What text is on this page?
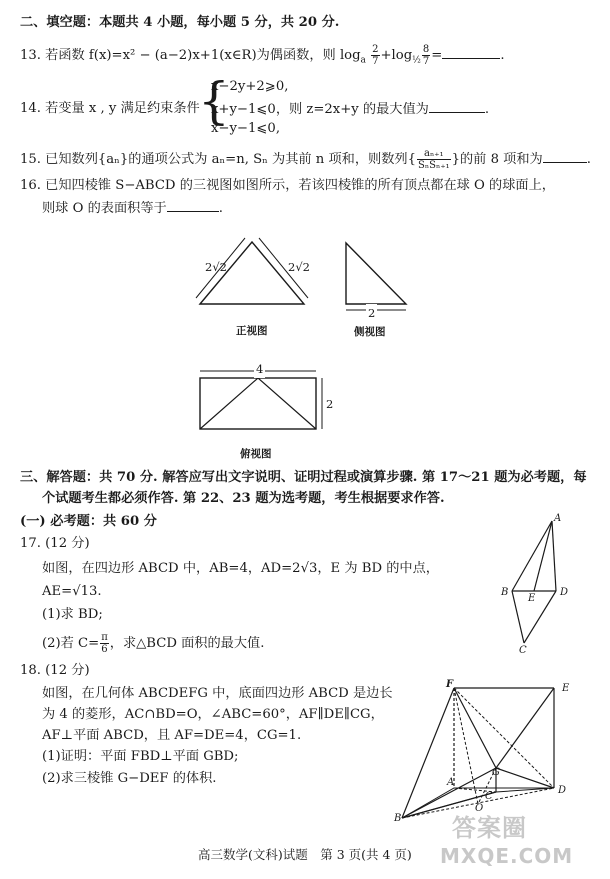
二、填空题：本题共 4 小题，每小题 5 分，共 20 分.
13. 若函数 f(x)=x² − (a−2)x+1(x∈R)为偶函数，则 $\log_a \frac{2}{7} +\log_{\frac{1}{2}} \frac{8}{7}$ =	.
14. 若变量 x , y 满足约束条件
{
x−2y+2⩾0,
x+y−1⩽0，则 z=2x+y 的最大值为	.
x−y−1⩽0,
15. 已知数列{aₙ}的通项公式为 aₙ=n, Sₙ 为其前 n 项和，则数列{ $\frac{\text{aₙ₊₁}}{\text{SₙSₙ₊₁}}$ }的前 8 项和为	.
16. 已知四棱锥 S−ABCD 的三视图如图所示，若该四棱锥的所有顶点都在球 O 的球面上，
则球 O 的表面积等于	.
2√2	2√2
正视图
2
侧视图
4
2
俯视图
三、解答题：共 70 分. 解答应写出文字说明、证明过程或演算步骤. 第 17～21 题为必考题，每
个试题考生都必须作答. 第 22、23 题为选考题，考生根据要求作答.
(一) 必考题：共 60 分
17. (12 分)
如图，在四边形 ABCD 中，AB=4，AD=2√3，E 为 BD 的中点，
AE=√13.
(1)求 BD;
(2)若 $C= \frac{\pi}{6}$ ，求△BCD 面积的最大值.
A
B
E
D
C
18. (12 分)
如图，在几何体 ABCDEFG 中，底面四边形 ABCD 是边长
为 4 的菱形，AC∩BD=O，∠ABC=60°，AF∥DE∥CG，
AF⊥平面 ABCD，且 AF=DE=4，CG=1.
(1)证明：平面 FBD⊥平面 GBD;
(2)求三棱锥 G−DEF 的体积.
F	E
G
A
C
D
O
B 答案圈
MXQE.COM
高三数学(文科)试题　第 3 页(共 4 页)
